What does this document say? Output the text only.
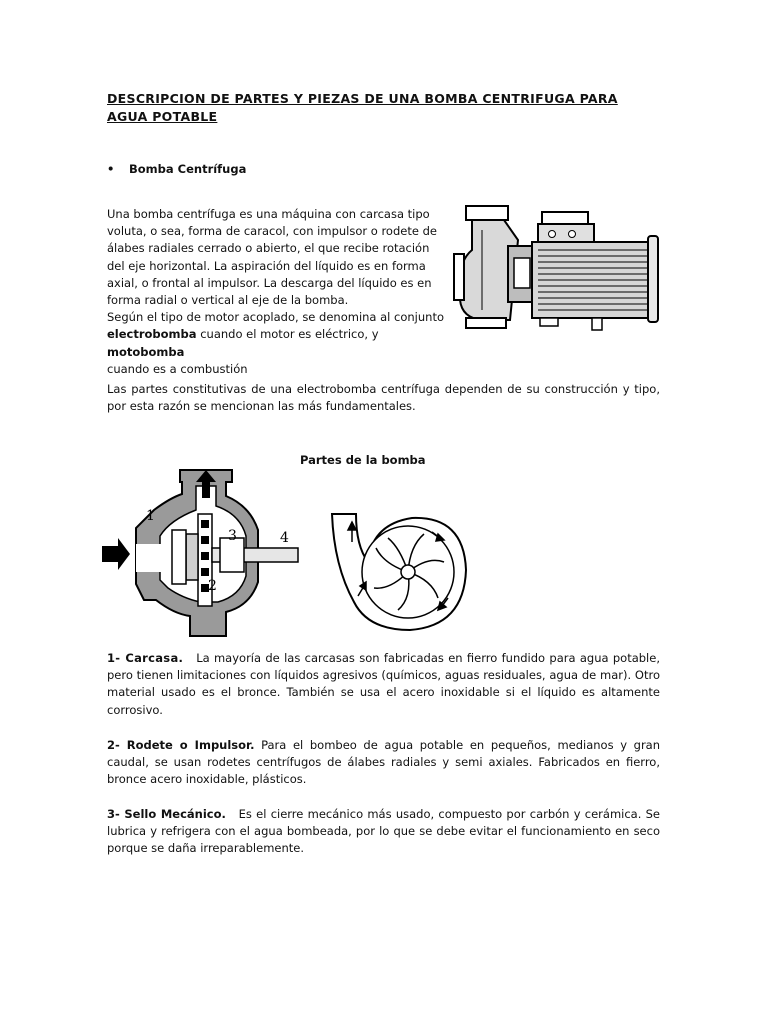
DESCRIPCION DE PARTES Y PIEZAS DE UNA BOMBA CENTRIFUGA PARA AGUA POTABLE
• Bomba Centrífuga
Una bomba centrífuga es una máquina con carcasa tipo voluta, o sea, forma de caracol, con impulsor o rodete de álabes radiales cerrado o abierto, el que recibe rotación del eje horizontal. La aspiración del líquido es en forma axial, o frontal al impulsor. La descarga del líquido es en forma radial o vertical al eje de la bomba.
Según el tipo de motor acoplado, se denomina al conjunto
electrobomba cuando el motor es eléctrico, y motobomba
cuando es a combustión
Las partes constitutivas de una electrobomba centrífuga dependen de su construcción y tipo, por esta razón se mencionan las más fundamentales.
Partes de la bomba
1
2
3	4
1- Carcasa. La mayoría de las carcasas son fabricadas en fierro fundido para agua potable, pero tienen limitaciones con líquidos agresivos (químicos, aguas residuales, agua de mar). Otro material usado es el bronce. También se usa el acero inoxidable si el líquido es altamente corrosivo.
2- Rodete o Impulsor. Para el bombeo de agua potable en pequeños, medianos y gran caudal, se usan rodetes centrífugos de álabes radiales y semi axiales. Fabricados en fierro, bronce acero inoxidable, plásticos.
3- Sello Mecánico. Es el cierre mecánico más usado, compuesto por carbón y cerámica. Se lubrica y refrigera con el agua bombeada, por lo que se debe evitar el funcionamiento en seco porque se daña irreparablemente.
